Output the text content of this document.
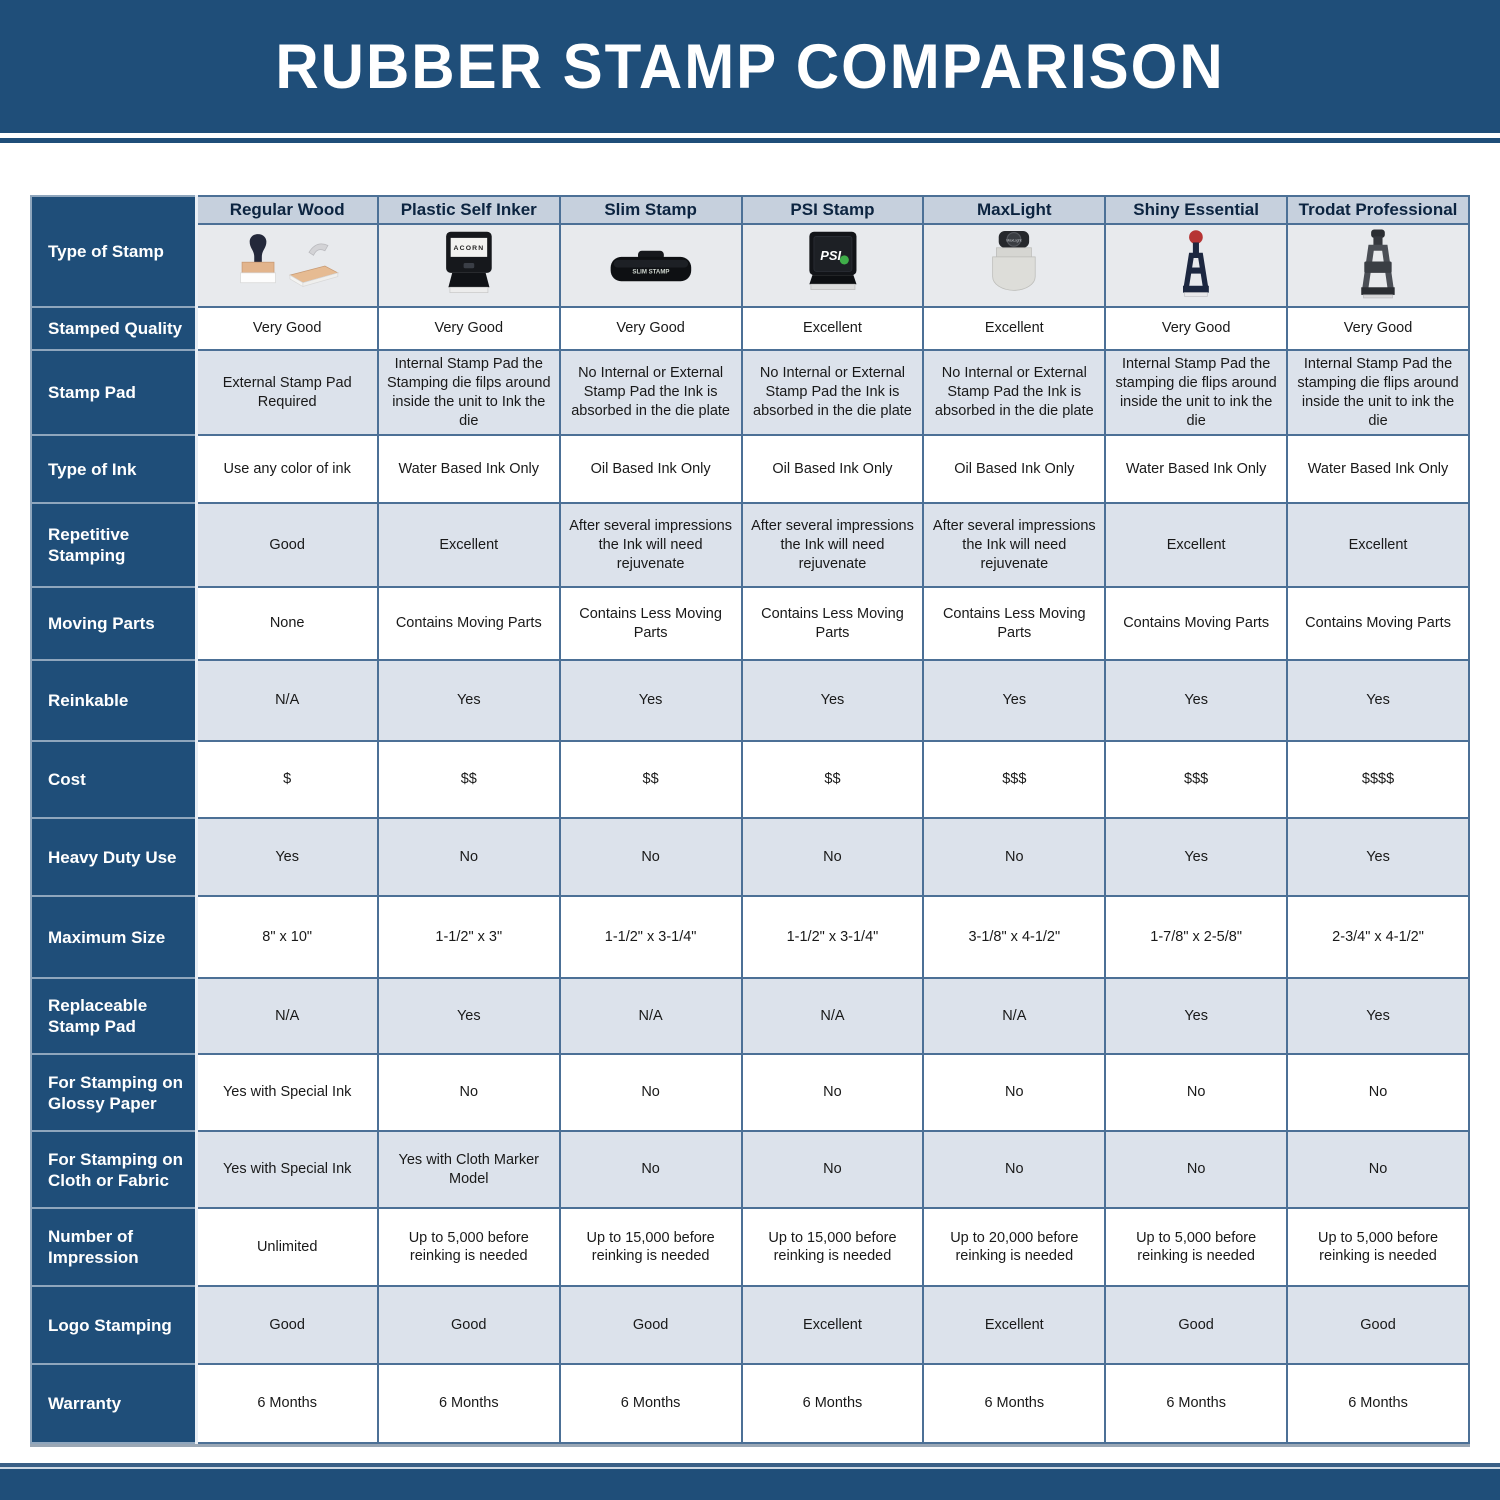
RUBBER STAMP COMPARISON
Type of Stamp	Regular Wood	Plastic Self Inker	Slim Stamp	PSI Stamp	MaxLight	Shiny Essential	Trodat Professional

ACORN	SLIM STAMP	PSI	MaxLight

Stamped Quality	Very Good	Very Good	Very Good	Excellent	Excellent	Very Good	Very Good
Stamp Pad	External Stamp Pad Required	Internal Stamp Pad the Stamping die filps around inside the unit to Ink the die	No Internal or External Stamp Pad the Ink is absorbed in the die plate	No Internal or External Stamp Pad the Ink is absorbed in the die plate	No Internal or External Stamp Pad the Ink is absorbed in the die plate	Internal Stamp Pad the stamping die flips around inside the unit to ink the die	Internal Stamp Pad the stamping die flips around inside the unit to ink the die
Type of Ink	Use any color of ink	Water Based Ink Only	Oil Based Ink Only	Oil Based Ink Only	Oil Based Ink Only	Water Based Ink Only	Water Based Ink Only
Repetitive Stamping	Good	Excellent	After several impressions the Ink will need rejuvenate	After several impressions the Ink will need rejuvenate	After several impressions the Ink will need rejuvenate	Excellent	Excellent
Moving Parts	None	Contains Moving Parts	Contains Less Moving Parts	Contains Less Moving Parts	Contains Less Moving Parts	Contains Moving Parts	Contains Moving Parts
Reinkable	N/A	Yes	Yes	Yes	Yes	Yes	Yes
Cost	$	$$	$$	$$	$$$	$$$	$$$$
Heavy Duty Use	Yes	No	No	No	No	Yes	Yes
Maximum Size	8" x 10"	1-1/2" x 3"	1-1/2" x 3-1/4"	1-1/2" x 3-1/4"	3-1/8" x 4-1/2"	1-7/8" x 2-5/8"	2-3/4" x 4-1/2"
Replaceable Stamp Pad	N/A	Yes	N/A	N/A	N/A	Yes	Yes
For Stamping on Glossy Paper	Yes with Special Ink	No	No	No	No	No	No
For Stamping on Cloth or Fabric	Yes with Special Ink	Yes with Cloth Marker Model	No	No	No	No	No
Number of Impression	Unlimited	Up to 5,000 before reinking is needed	Up to 15,000 before reinking is needed	Up to 15,000 before reinking is needed	Up to 20,000 before reinking is needed	Up to 5,000 before reinking is needed	Up to 5,000 before reinking is needed
Logo Stamping	Good	Good	Good	Excellent	Excellent	Good	Good
Warranty	6 Months	6 Months	6 Months	6 Months	6 Months	6 Months	6 Months
